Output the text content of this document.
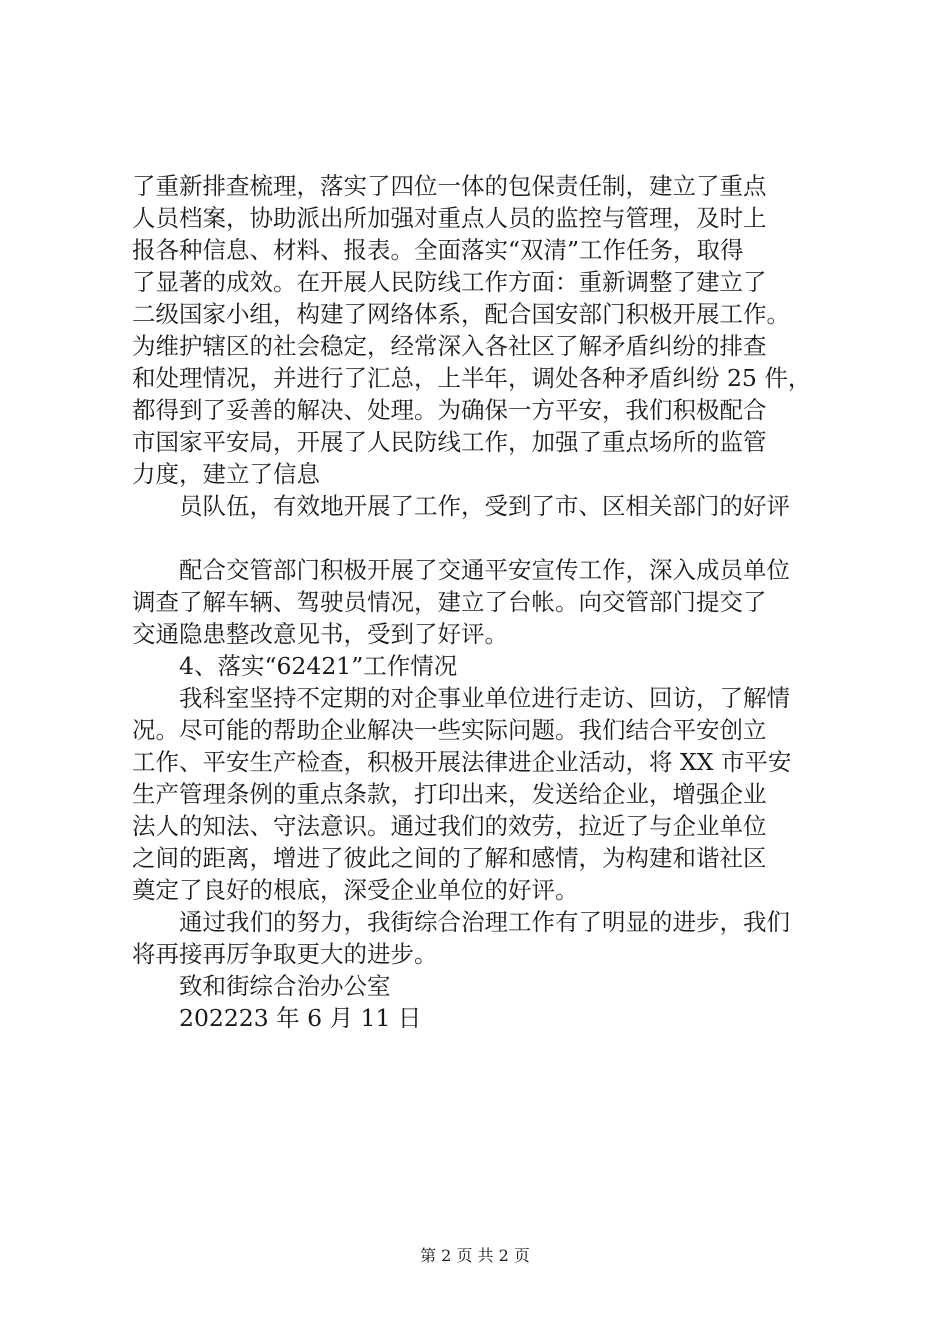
了重新排查梳理，落实了四位一体的包保责任制，建立了重点
人员档案，协助派出所加强对重点人员的监控与管理，及时上
报各种信息、材料、报表。全面落实“双清”工作任务，取得
了显著的成效。在开展人民防线工作方面：重新调整了建立了
二级国家小组，构建了网络体系，配合国安部门积极开展工作。
为维护辖区的社会稳定，经常深入各社区了解矛盾纠纷的排查
和处理情况，并进行了汇总，上半年，调处各种矛盾纠纷 25 件，
都得到了妥善的解决、处理。为确保一方平安，我们积极配合
市国家平安局，开展了人民防线工作，加强了重点场所的监管
力度，建立了信息
员队伍，有效地开展了工作，受到了市、区相关部门的好评
配合交管部门积极开展了交通平安宣传工作，深入成员单位
调查了解车辆、驾驶员情况，建立了台帐。向交管部门提交了
交通隐患整改意见书，受到了好评。
4、落实“62421”工作情况
我科室坚持不定期的对企事业单位进行走访、回访，了解情
况。尽可能的帮助企业解决一些实际问题。我们结合平安创立
工作、平安生产检查，积极开展法律进企业活动，将 XX 市平安
生产管理条例的重点条款，打印出来，发送给企业，增强企业
法人的知法、守法意识。通过我们的效劳，拉近了与企业单位
之间的距离，增进了彼此之间的了解和感情，为构建和谐社区
奠定了良好的根底，深受企业单位的好评。
通过我们的努力，我街综合治理工作有了明显的进步，我们
将再接再厉争取更大的进步。
致和街综合治办公室
202223 年 6 月 11 日
第 2 页 共 2 页
